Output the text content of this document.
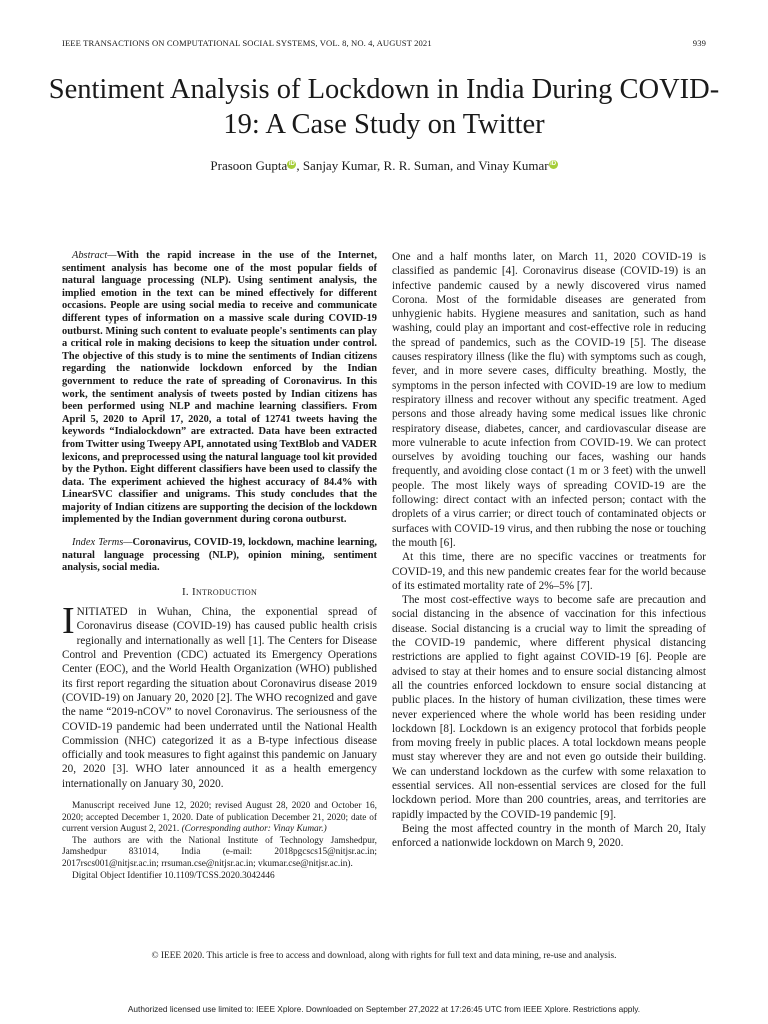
IEEE TRANSACTIONS ON COMPUTATIONAL SOCIAL SYSTEMS, VOL. 8, NO. 4, AUGUST 2021	939
Sentiment Analysis of Lockdown in India During COVID-19: A Case Study on Twitter
Prasoon Gupta iD , Sanjay Kumar, R. R. Suman, and Vinay Kumar iD

Abstract—With the rapid increase in the use of the Internet, sentiment analysis has become one of the most popular fields of natural language processing (NLP). Using sentiment analysis, the implied emotion in the text can be mined effectively for different occasions. People are using social media to receive and communicate different types of information on a massive scale during COVID-19 outburst. Mining such content to evaluate people's sentiments can play a critical role in making decisions to keep the situation under control. The objective of this study is to mine the sentiments of Indian citizens regarding the nationwide lockdown enforced by the Indian government to reduce the rate of spreading of Coronavirus. In this work, the sentiment analysis of tweets posted by Indian citizens has been performed using NLP and machine learning classifiers. From April 5, 2020 to April 17, 2020, a total of 12741 tweets having the keywords “Indialockdown” are extracted. Data have been extracted from Twitter using Tweepy API, annotated using TextBlob and VADER lexicons, and preprocessed using the natural language tool kit provided by the Python. Eight different classifiers have been used to classify the data. The experiment achieved the highest accuracy of 84.4% with LinearSVC classifier and unigrams. This study concludes that the majority of Indian citizens are supporting the decision of the lockdown implemented by the Indian government during corona outburst.

Index Terms—Coronavirus, COVID-19, lockdown, machine learning, natural language processing (NLP), opinion mining, sentiment analysis, social media.

I. Introduction

INITIATED in Wuhan, China, the exponential spread of Coronavirus disease (COVID-19) has caused public health crisis regionally and internationally as well [1]. The Centers for Disease Control and Prevention (CDC) actuated its Emergency Operations Center (EOC), and the World Health Organization (WHO) published its first report regarding the situation about Coronavirus disease 2019 (COVID-19) on January 20, 2020 [2]. The WHO recognized and gave the name “2019-nCOV” to novel Coronavirus. The seriousness of the COVID-19 pandemic had been underrated until the National Health Commission (NHC) categorized it as a B-type infectious disease officially and took measures to fight against this pandemic on January 20, 2020 [3]. WHO later announced it as a health emergency internationally on January 30, 2020.

Manuscript received June 12, 2020; revised August 28, 2020 and October 16, 2020; accepted December 1, 2020. Date of publication December 21, 2020; date of current version August 2, 2021. (Corresponding author: Vinay Kumar.)

The authors are with the National Institute of Technology Jamshedpur, Jamshedpur 831014, India (e-mail: 2018pgcscs15@nitjsr.ac.in; 2017rscs001@nitjsr.ac.in; rrsuman.cse@nitjsr.ac.in; vkumar.cse@nitjsr.ac.in).

Digital Object Identifier 10.1109/TCSS.2020.3042446

One and a half months later, on March 11, 2020 COVID-19 is classified as pandemic [4]. Coronavirus disease (COVID-19) is an infective pandemic caused by a newly discovered virus named Corona. Most of the formidable diseases are generated from unhygienic habits. Hygiene measures and sanitation, such as hand washing, could play an important and cost-effective role in reducing the spread of pandemics, such as the COVID-19 [5]. The disease causes respiratory illness (like the flu) with symptoms such as cough, fever, and in more severe cases, difficulty breathing. Mostly, the symptoms in the person infected with COVID-19 are low to medium respiratory illness and recover without any specific treatment. Aged persons and those already having some medical issues like chronic respiratory disease, diabetes, cancer, and cardiovascular disease are more vulnerable to acute infection from COVID-19. We can protect ourselves by avoiding touching our faces, washing our hands frequently, and avoiding close contact (1 m or 3 feet) with the unwell people. The most likely ways of spreading COVID-19 are the following: direct contact with an infected person; contact with the droplets of a virus carrier; or direct touch of contaminated objects or surfaces with COVID-19 virus, and then rubbing the nose or touching the mouth [6].

At this time, there are no specific vaccines or treatments for COVID-19, and this new pandemic creates fear for the world because of its estimated mortality rate of 2%–5% [7].

The most cost-effective ways to become safe are precaution and social distancing in the absence of vaccination for this infectious disease. Social distancing is a crucial way to limit the spreading of the COVID-19 pandemic, where different physical distancing restrictions are applied to fight against COVID-19 [6]. People are advised to stay at their homes and to ensure social distancing almost all the countries enforced lockdown to ensure social distancing at public places. In the history of human civilization, these times were never experienced where the whole world has been residing under lockdown [8]. Lockdown is an exigency protocol that forbids people from moving freely in public places. A total lockdown means people must stay wherever they are and not even go outside their building. We can understand lockdown as the curfew with some relaxation to essential services. All non-essential services are closed for the full lockdown period. More than 200 countries, areas, and territories are rapidly impacted by the COVID-19 pandemic [9].

Being the most affected country in the month of March 20, Italy enforced a nationwide lockdown on March 9, 2020.

© IEEE 2020. This article is free to access and download, along with rights for full text and data mining, re-use and analysis.
Authorized licensed use limited to: IEEE Xplore. Downloaded on September 27,2022 at 17:26:45 UTC from IEEE Xplore. Restrictions apply.
